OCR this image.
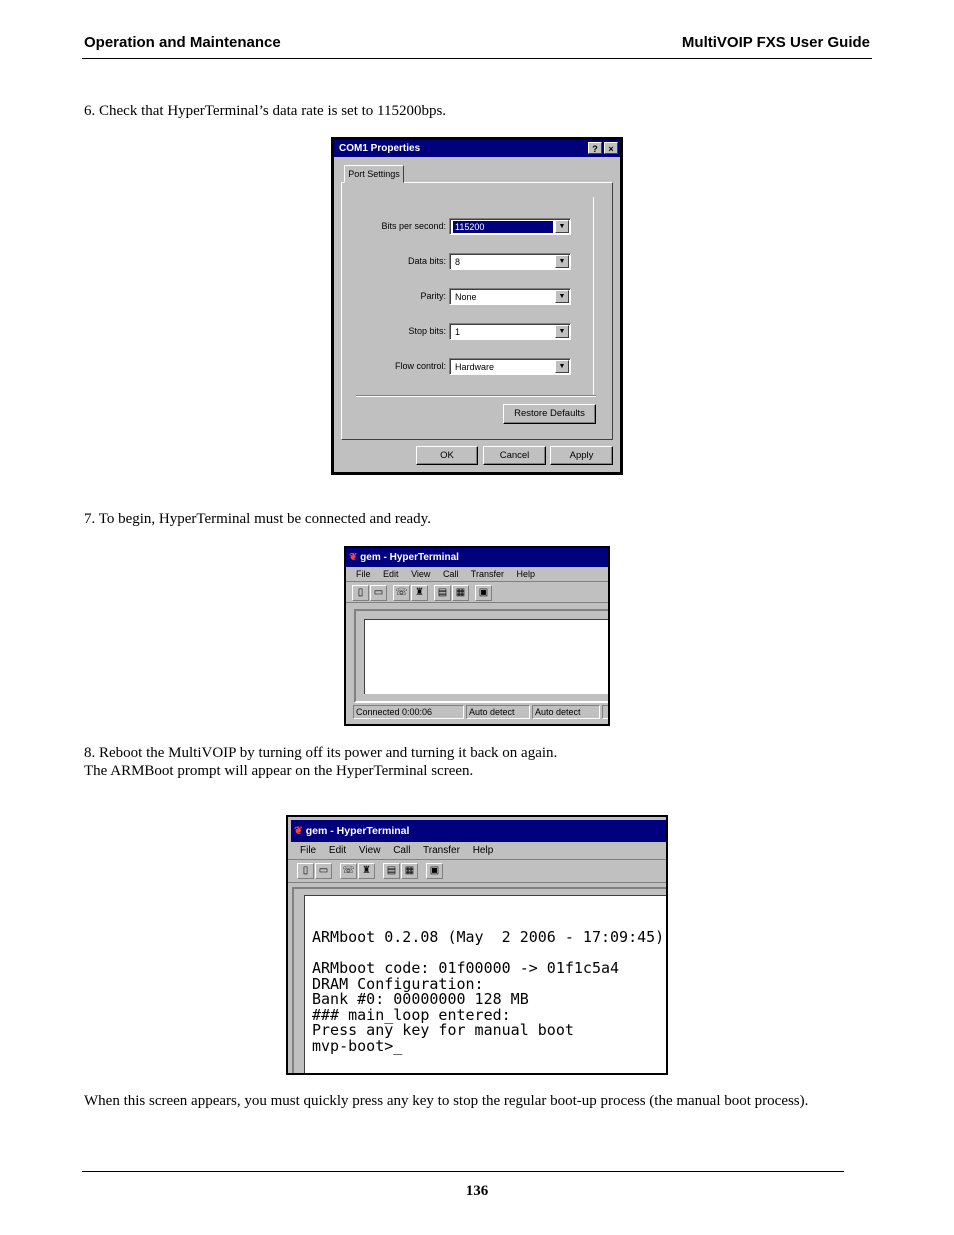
Operation and Maintenance	MultiVOIP FXS User Guide
6. Check that HyperTerminal’s data rate is set to 115200bps.
COM1 Properties	?	×
Port Settings
Bits per second: 115200	▼
Data bits: 8	▼
Parity: None	▼
Stop bits: 1	▼
Flow control: Hardware	▼
Restore Defaults
OK	Cancel	Apply
7. To begin, HyperTerminal must be connected and ready.
❦ gem - HyperTerminal
File Edit View Call Transfer Help
▯ ▭ ☏ ♜ ▤ ▦ ▣
Connected 0:00:06	Auto detect	Auto detect
8. Reboot the MultiVOIP by turning off its power and turning it back on again.
The ARMBoot prompt will appear on the HyperTerminal screen.
❦ gem - HyperTerminal
File Edit View Call Transfer Help
▯ ▭ ☏ ♜ ▤ ▦ ▣
ARMboot 0.2.08 (May  2 2006 - 17:09:45)
ARMboot code: 01f00000 -> 01f1c5a4
DRAM Configuration:
Bank #0: 00000000 128 MB
### main_loop entered:
Press any key for manual boot
mvp-boot>_
When this screen appears, you must quickly press any key to stop the regular boot-up process (the manual boot process).
136
